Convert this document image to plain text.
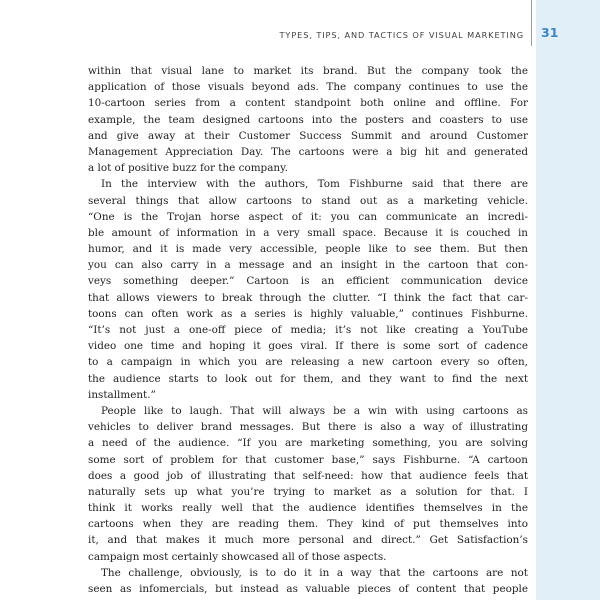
TYPES, TIPS, AND TACTICS OF VISUAL MARKETING 31
within that visual lane to market its brand. But the company took the
application of those visuals beyond ads. The company continues to use the
10-cartoon series from a content standpoint both online and offline. For
example, the team designed cartoons into the posters and coasters to use
and give away at their Customer Success Summit and around Customer
Management Appreciation Day. The cartoons were a big hit and generated
a lot of positive buzz for the company.
In the interview with the authors, Tom Fishburne said that there are
several things that allow cartoons to stand out as a marketing vehicle.
“One is the Trojan horse aspect of it: you can communicate an incredi-
ble amount of information in a very small space. Because it is couched in
humor, and it is made very accessible, people like to see them. But then
you can also carry in a message and an insight in the cartoon that con-
veys something deeper.” Cartoon is an efficient communication device
that allows viewers to break through the clutter. “I think the fact that car-
toons can often work as a series is highly valuable,” continues Fishburne.
“It’s not just a one-off piece of media; it’s not like creating a YouTube
video one time and hoping it goes viral. If there is some sort of cadence
to a campaign in which you are releasing a new cartoon every so often,
the audience starts to look out for them, and they want to find the next
installment.”
People like to laugh. That will always be a win with using cartoons as
vehicles to deliver brand messages. But there is also a way of illustrating
a need of the audience. “If you are marketing something, you are solving
some sort of problem for that customer base,” says Fishburne. “A cartoon
does a good job of illustrating that self-need: how that audience feels that
naturally sets up what you’re trying to market as a solution for that. I
think it works really well that the audience identifies themselves in the
cartoons when they are reading them. They kind of put themselves into
it, and that makes it much more personal and direct.” Get Satisfaction’s
campaign most certainly showcased all of those aspects.
The challenge, obviously, is to do it in a way that the cartoons are not
seen as infomercials, but instead as valuable pieces of content that people
